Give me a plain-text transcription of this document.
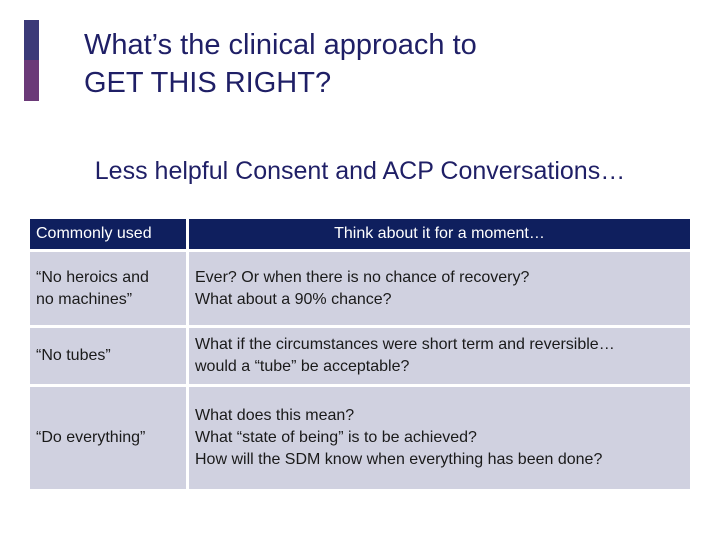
What’s the clinical approach to
GET THIS RIGHT?
Less helpful Consent and ACP Conversations…
Commonly used	Think about it for a moment…

“No heroics and
no machines”	Ever? Or when there is no chance of recovery?
What about a 90% chance?

“No tubes”	What if the circumstances were short term and reversible…
would a “tube” be acceptable?

“Do everything”	What does this mean?
What “state of being” is to be achieved?
How will the SDM know when everything has been done?
